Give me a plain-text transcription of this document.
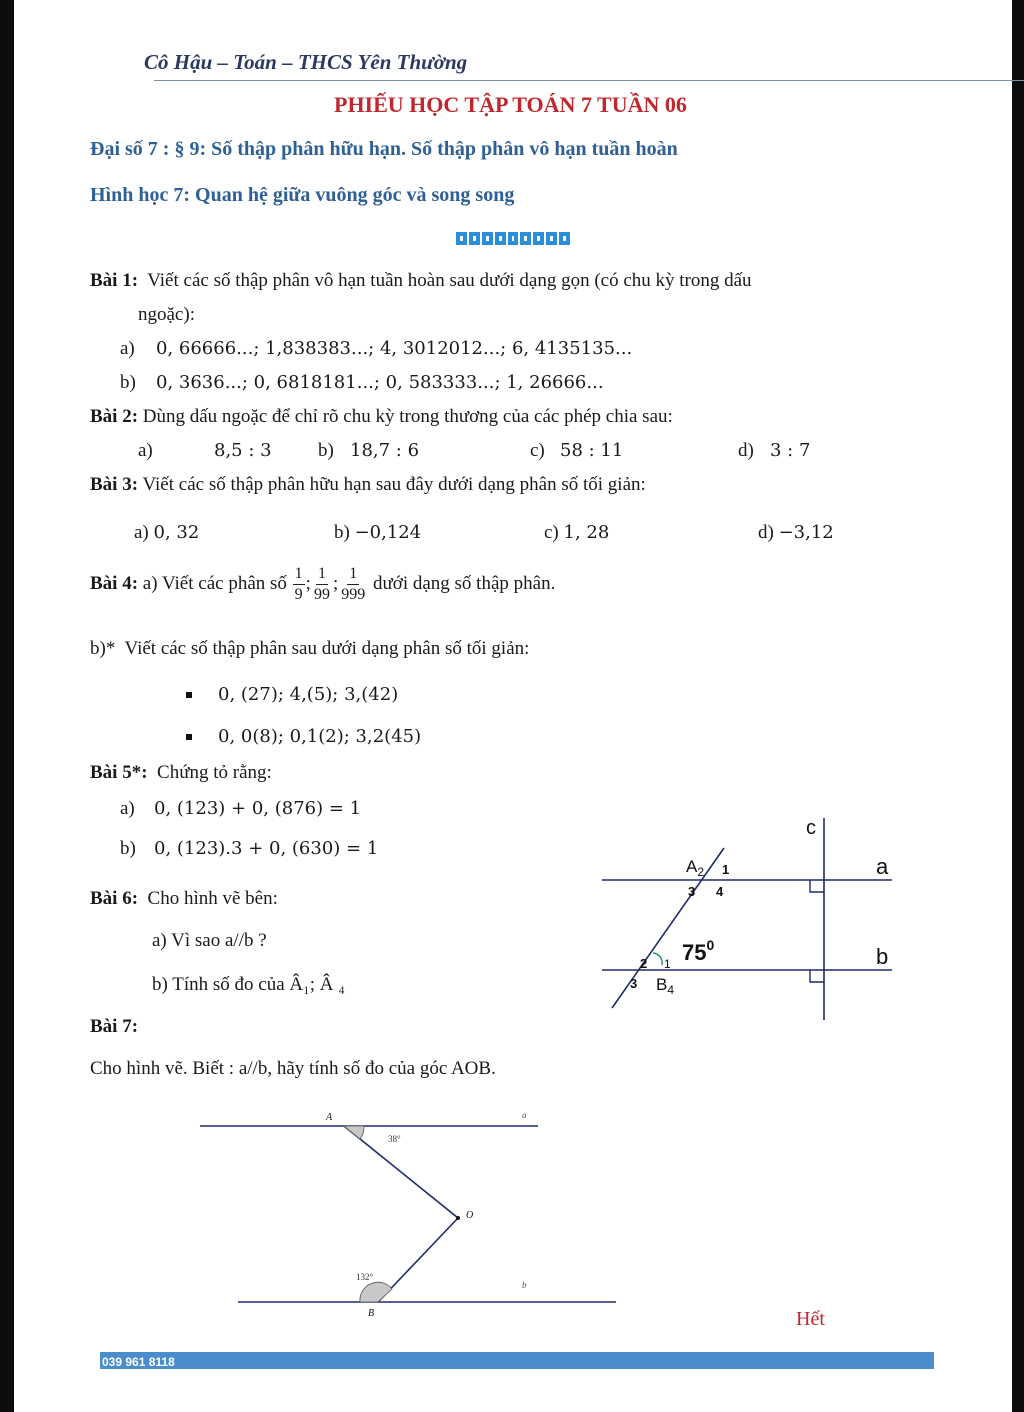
Cô Hậu – Toán – THCS Yên Thường
PHIẾU HỌC TẬP TOÁN 7 TUẦN 06
Đại số 7 : § 9: Số thập phân hữu hạn. Số thập phân vô hạn tuần hoàn
Hình học 7: Quan hệ giữa vuông góc và song song
Bài 1: Viết các số thập phân vô hạn tuần hoàn sau dưới dạng gọn (có chu kỳ trong dấu
ngoặc):
a) 0, 66666...; 1,838383...; 4, 3012012...; 6, 4135135...
b) 0, 3636...; 0, 6818181...; 0, 583333...; 1, 26666...
Bài 2: Dùng dấu ngoặc để chỉ rõ chu kỳ trong thương của các phép chia sau:
a)	8,5 : 3 b) 18,7 : 6	c) 58 : 11	d) 3 : 7
Bài 3: Viết các số thập phân hữu hạn sau đây dưới dạng phân số tối giản:
a) 0, 32	b) −0,124	c) 1, 28	d) −3,12
Bài 4: a) Viết các phân số $\frac{1}{9}$ ; $\frac{1}{99}$ ; $\frac{1}{999}$ dưới dạng số thập phân.
b)* Viết các số thập phân sau dưới dạng phân số tối giản:
0, (27); 4,(5); 3,(42)
0, 0(8); 0,1(2); 3,2(45)
Bài 5*: Chứng tỏ rằng:
a) 0, (123) + 0, (876) = 1
b) 0, (123).3 + 0, (630) = 1
Bài 6: Cho hình vẽ bên:
a) Vì sao a//b ?
b) Tính số đo của Â₁; Â ₄
c
a
b
$A_2$ 1
3 4
$75^0$
2 1
3 $B_4$
Bài 7:
Cho hình vẽ. Biết : a//b, hãy tính số đo của góc AOB.
A	a
38°
O
132°
b
B	Hết
039 961 8118
